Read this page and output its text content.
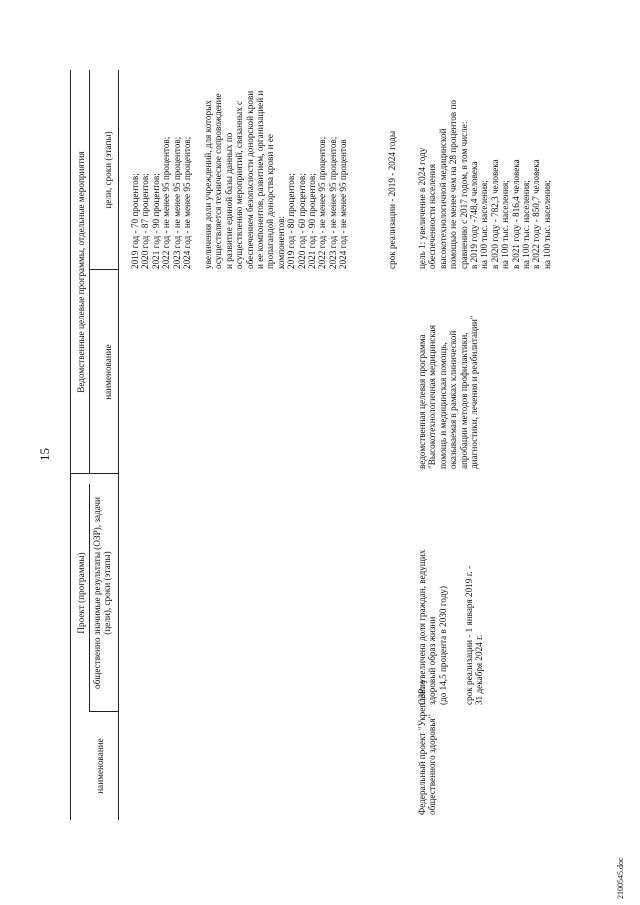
15
Проект (программы)
Ведомственные целевые программы, отдельные мероприятия
наименование
общественно значимые результаты (ОЗР), задачи (цели), сроки (этапы)
наименование
цели, сроки (этапы)
2019 год - 70 процентов; 2020 год - 87 процентов; 2021 год - 90 процентов; 2022 год - не менее 95 процентов; 2023 год - не менее 95 процентов; 2024 год - не менее 95 процентов; увеличения доли учреждений, для которых осуществляется техническое сопровождение и развитие единой базы данных по осуществлению мероприятий, связанных с обеспечением безопасности донорской крови и ее компонентов, развитием, организацией и пропагандой донорства крови и ее компонентов: 2019 год - 80 процентов; 2020 год - 60 процентов; 2021 год - 90 процентов; 2022 год - не менее 95 процентов; 2023 год - не менее 95 процентов; 2024 год - не менее 95 процентов	срок реализации - 2019 - 2024 годы
Федеральный проект "Укрепление общественного здоровья"
ОЗР: увеличена доля граждан, ведущих здоровый образ жизни (до 14,5 процента в 2030 году) срок реализации - 1 января 2019 г. - 31 декабря 2024 г.
ведомственная целевая программа "Высокотехнологичная медицинская помощь и медицинская помощь, оказываемая в рамках клинической апробации методов профилактики, диагностики, лечения и реабилитации"
цель 1: увеличение в 2024 году обеспеченности населения высокотехнологичной медицинской помощью не менее чем на 28 процентов по сравнению с 2017 годом, в том числе: в 2019 году -748,4 человека на 100 тыс. населения; в 2020 году - 782,3 человека на 100 тыс. населения; в 2021 году - 816,4 человека на 100 тыс. населения; в 2022 году - 850,7 человека на 100 тыс. населения;
2100545.doc
